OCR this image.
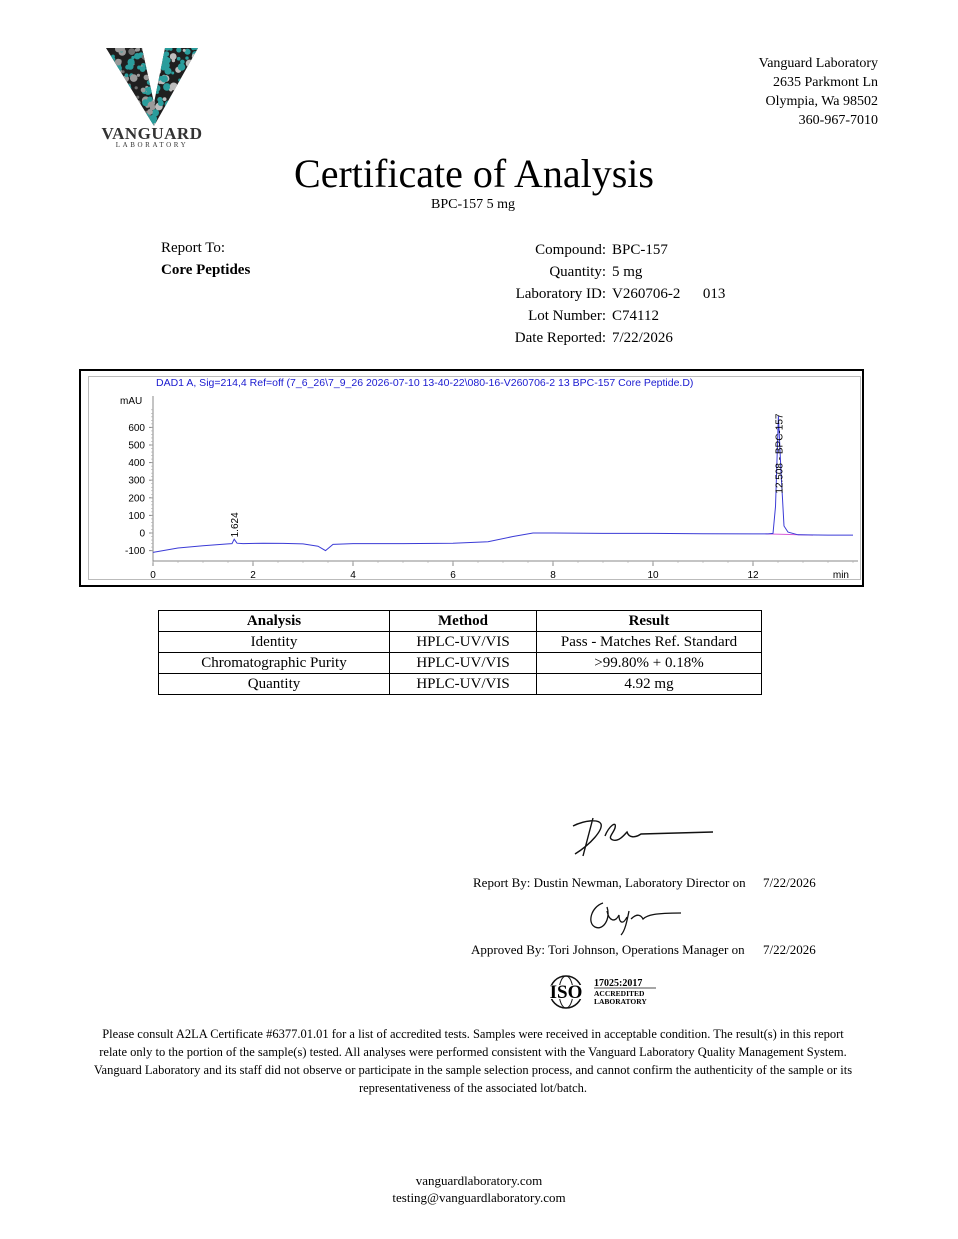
VANGUARD
LABORATORY
Vanguard Laboratory
2635 Parkmont Ln
Olympia, Wa 98502
360-967-7010
Certificate of Analysis
BPC-157 5 mg
Report To:
Core Peptides
Compound: BPC-157
Quantity: 5 mg
Laboratory ID: V260706-2      013
Lot Number: C74112
Date Reported: 7/22/2026
DAD1 A, Sig=214,4 Ref=off (7_6_26\7_9_26 2026-07-10 13-40-22\080-16-V260706-2 13 BPC-157 Core Peptide.D)
mAU
-100
0
100
200
300
400
500
600
0	2	4	6	8	10	12	min
1.624
12.508 - BPC-157
Analysis	Method	Result
Identity	HPLC-UV/VIS	Pass - Matches Ref. Standard
Chromatographic Purity	HPLC-UV/VIS	>99.80% + 0.18%
Quantity	HPLC-UV/VIS	4.92 mg
Report By: Dustin Newman, Laboratory Director on 7/22/2026
Approved By: Tori Johnson, Operations Manager on 7/22/2026
ISO 17025:2017
ACCREDITED
LABORATORY
Please consult A2LA Certificate #6377.01.01 for a list of accredited tests. Samples were received in acceptable condition. The result(s) in this report relate only to the portion of the sample(s) tested. All analyses were performed consistent with the Vanguard Laboratory Quality Management System. Vanguard Laboratory and its staff did not observe or participate in the sample selection process, and cannot confirm the authenticity of the sample or its representativeness of the associated lot/batch.
vanguardlaboratory.com
testing@vanguardlaboratory.com
